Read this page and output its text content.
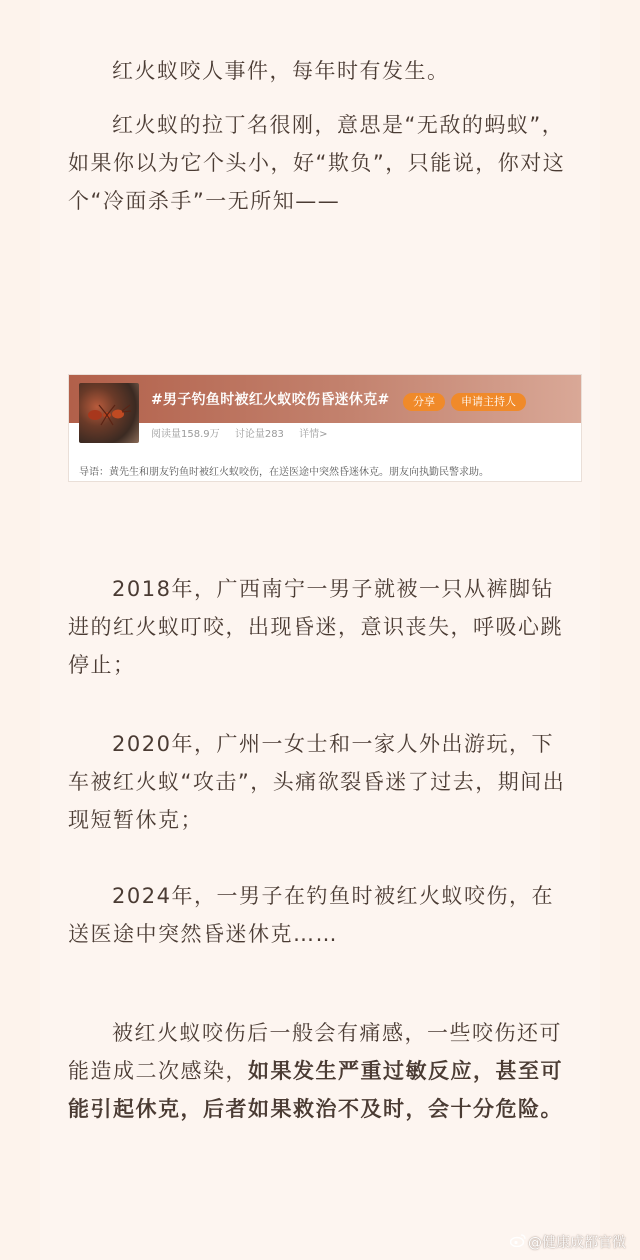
红火蚁咬人事件，每年时有发生。

红火蚁的拉丁名很刚，意思是“无敌的蚂蚁”， 如果你以为它个头小，好“欺负”，只能说，你对这个“冷面杀手”一无所知——

#男子钓鱼时被红火蚁咬伤昏迷休克#	分享	申请主持人
阅读量158.9万 讨论量283 详情>
导语：黄先生和朋友钓鱼时被红火蚁咬伤，在送医途中突然昏迷休克。朋友向执勤民警求助。

2018年，广西南宁一男子就被一只从裤脚钻进的红火蚁叮咬，出现昏迷，意识丧失，呼吸心跳停止；

2020年，广州一女士和一家人外出游玩，下车被红火蚁“攻击”，头痛欲裂昏迷了过去，期间出现短暂休克；

2024年，一男子在钓鱼时被红火蚁咬伤，在送医途中突然昏迷休克……

被红火蚁咬伤后一般会有痛感，一些咬伤还可能造成二次感染，如果发生严重过敏反应，甚至可能引起休克，后者如果救治不及时，会十分危险。

@健康成都官微
